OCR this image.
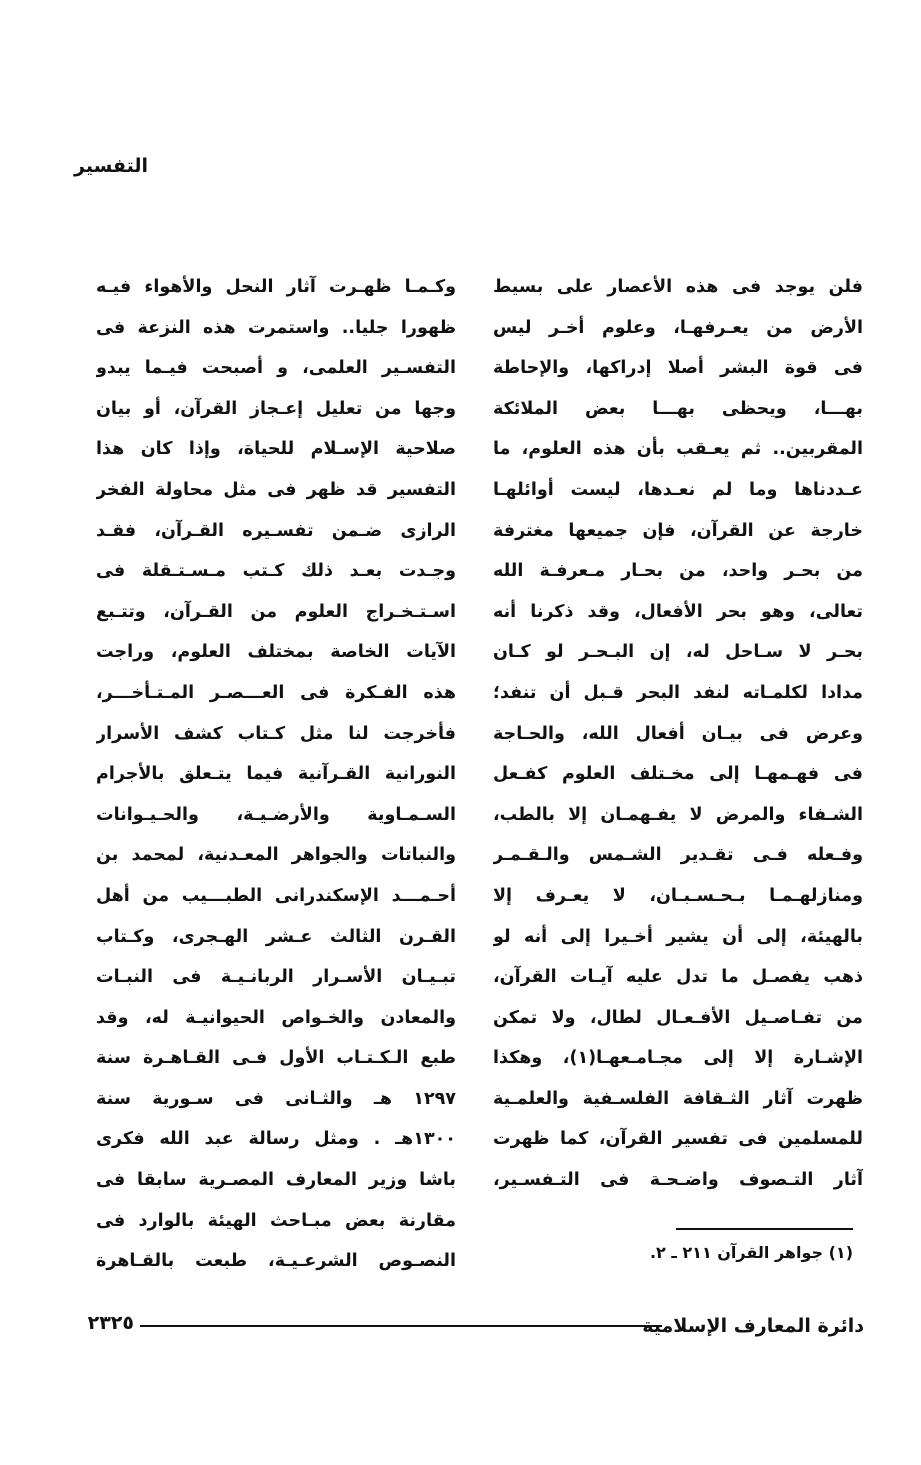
التفسير
فلن يوجد فى هذه الأعصار على بسيط
الأرض من يعـرفهـا، وعلوم أخـر ليس
فى قوة البشر أصلا إدراكها، والإحاطة
بهـــا، ويحظى بهـــا بعض الملائكة
المقربين.. ثم يعـقب بأن هذه العلوم، ما
عـددناها وما لم نعـدها، ليست أوائلهـا
خارجة عن القرآن، فإن جميعها مغترفة
من بحـر واحد، من بحـار مـعرفـة الله
تعالى، وهو بحر الأفعال، وقد ذكرنا أنه
بحـر لا سـاحل له، إن البـحـر لو كـان
مدادا لكلمـاته لنفد البحر قـبل أن تنفد؛
وعرض فى بيـان أفعال الله، والحـاجة
فى فهـمهـا إلى مخـتلف العلوم كفـعل
الشـفاء والمرض لا يفـهمـان إلا بالطب،
وفـعله فـى تقـدير الشـمس والـقـمـر
ومنازلهـمـا بـحـسـبـان، لا يعـرف إلا
بالهيئة، إلى أن يشير أخـيرا إلى أنه لو
ذهب يفصـل ما تدل عليه آيـات القرآن،
من تفـاصـيل الأفـعـال لطال، ولا تمكن
الإشـارة إلا إلى مجـامـعهـا(١)، وهكذا
ظهرت آثار الثـقافة الفلسـفية والعلمـية
للمسلمين فى تفسير القرآن، كما ظهرت
آثار التـصوف واضـحـة فى التـفسـير،
وكـمـا ظهـرت آثار النحل والأهواء فيـه
ظهورا جليا.. واستمرت هذه النزعة فى
التفسـير العلمى، و أصبحت فيـما يبدو
وجها من تعليل إعـجاز القرآن، أو بيان
صلاحية الإسـلام للحياة، وإذا كان هذا
التفسير قد ظهر فى مثل محاولة الفخر
الرازى ضـمن تفسـيره القـرآن، فقـد
وجـدت بعـد ذلك كـتب مـسـتـقلة فى
اسـتـخـراج العلوم من القـرآن، وتتـبع
الآيات الخاصة بمختلف العلوم، وراجت
هذه الفـكرة فى العـــصـر المـتـأخـــر،
فأخرجت لنا مثل كـتاب كشف الأسرار
النورانية القـرآنية فيما يتـعلق بالأجرام
السـمـاوية والأرضـيـة، والحـيـوانات
والنباتات والجواهر المعـدنية، لمحمد بن
أحـمـــد الإسكندرانى الطبـــيب من أهل
القـرن الثالث عـشر الهـجرى، وكـتاب
تبـيـان الأسـرار الربانـيـة فى النبـات
والمعادن والخـواص الحيوانيـة له، وقد
طبع الـكـتـاب الأول فـى القـاهـرة سنة
١٢٩٧ هـ والثـانى فى سـورية سنة
١٣٠٠هـ . ومثل رسالة عبد الله فكرى
باشا وزير المعارف المصـرية سابقا فى
مقارنة بعض مبـاحث الهيئة بالوارد فى
النصـوص الشرعـيـة، طبعت بالقـاهرة	(١) جواهر القرآن ٢١١ ـ ٢.
دائرة المعارف الإسلامية
٢٣٢٥
